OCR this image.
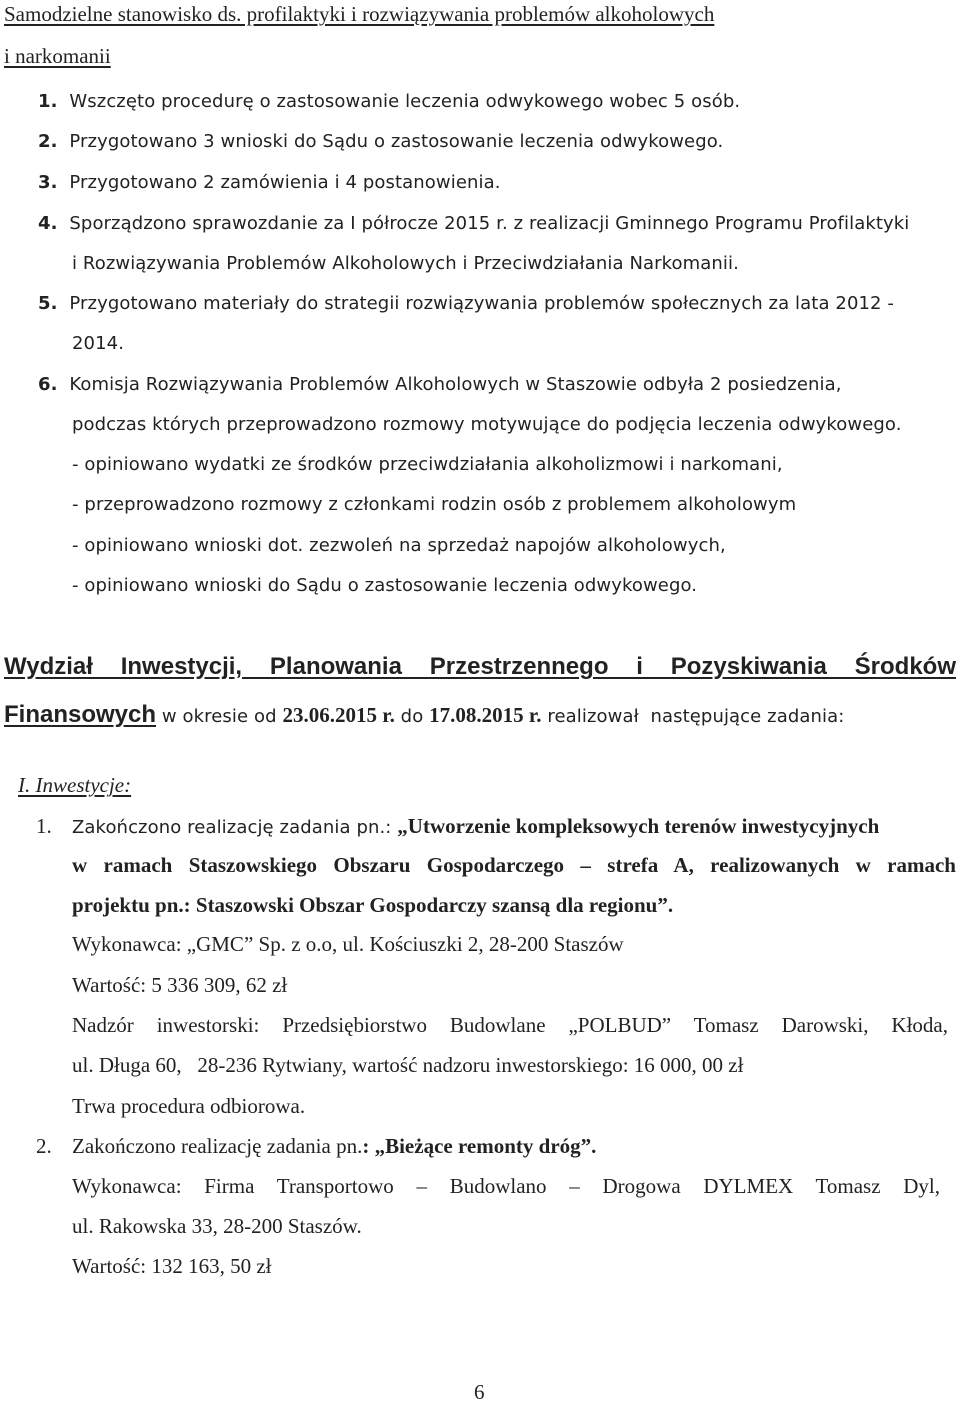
Samodzielne stanowisko ds. profilaktyki i rozwiązywania problemów alkoholowych
i narkomanii
1. Wszczęto procedurę o zastosowanie leczenia odwykowego wobec 5 osób.
2. Przygotowano 3 wnioski do Sądu o zastosowanie leczenia odwykowego.
3. Przygotowano 2 zamówienia i 4 postanowienia.
4. Sporządzono sprawozdanie za I półrocze 2015 r. z realizacji Gminnego Programu Profilaktyki
i Rozwiązywania Problemów Alkoholowych i Przeciwdziałania Narkomanii.
5. Przygotowano materiały do strategii rozwiązywania problemów społecznych za lata 2012 -
2014.
6. Komisja Rozwiązywania Problemów Alkoholowych w Staszowie odbyła 2 posiedzenia,
podczas których przeprowadzono rozmowy motywujące do podjęcia leczenia odwykowego.
- opiniowano wydatki ze środków przeciwdziałania alkoholizmowi i narkomani,
- przeprowadzono rozmowy z członkami rodzin osób z problemem alkoholowym
- opiniowano wnioski dot. zezwoleń na sprzedaż napojów alkoholowych,
- opiniowano wnioski do Sądu o zastosowanie leczenia odwykowego.
Wydział Inwestycji, Planowania Przestrzennego i Pozyskiwania Środków
Finansowych w okresie od 23.06.2015 r. do 17.08.2015 r. realizował  następujące zadania:
I. Inwestycje:
1. Zakończono realizację zadania pn.: „Utworzenie kompleksowych terenów inwestycyjnych
w ramach Staszowskiego Obszaru Gospodarczego – strefa A, realizowanych w ramach
projektu pn.: Staszowski Obszar Gospodarczy szansą dla regionu”.
Wykonawca: „GMC” Sp. z o.o, ul. Kościuszki 2, 28-200 Staszów
Wartość: 5 336 309, 62 zł
Nadzór inwestorski: Przedsiębiorstwo Budowlane „POLBUD” Tomasz Darowski, Kłoda,
ul. Długa 60,   28-236 Rytwiany, wartość nadzoru inwestorskiego: 16 000, 00 zł
Trwa procedura odbiorowa.
2. Zakończono realizację zadania pn.: „Bieżące remonty dróg”.
Wykonawca: Firma Transportowo – Budowlano – Drogowa DYLMEX Tomasz Dyl,
ul. Rakowska 33, 28-200 Staszów.
Wartość: 132 163, 50 zł
6
